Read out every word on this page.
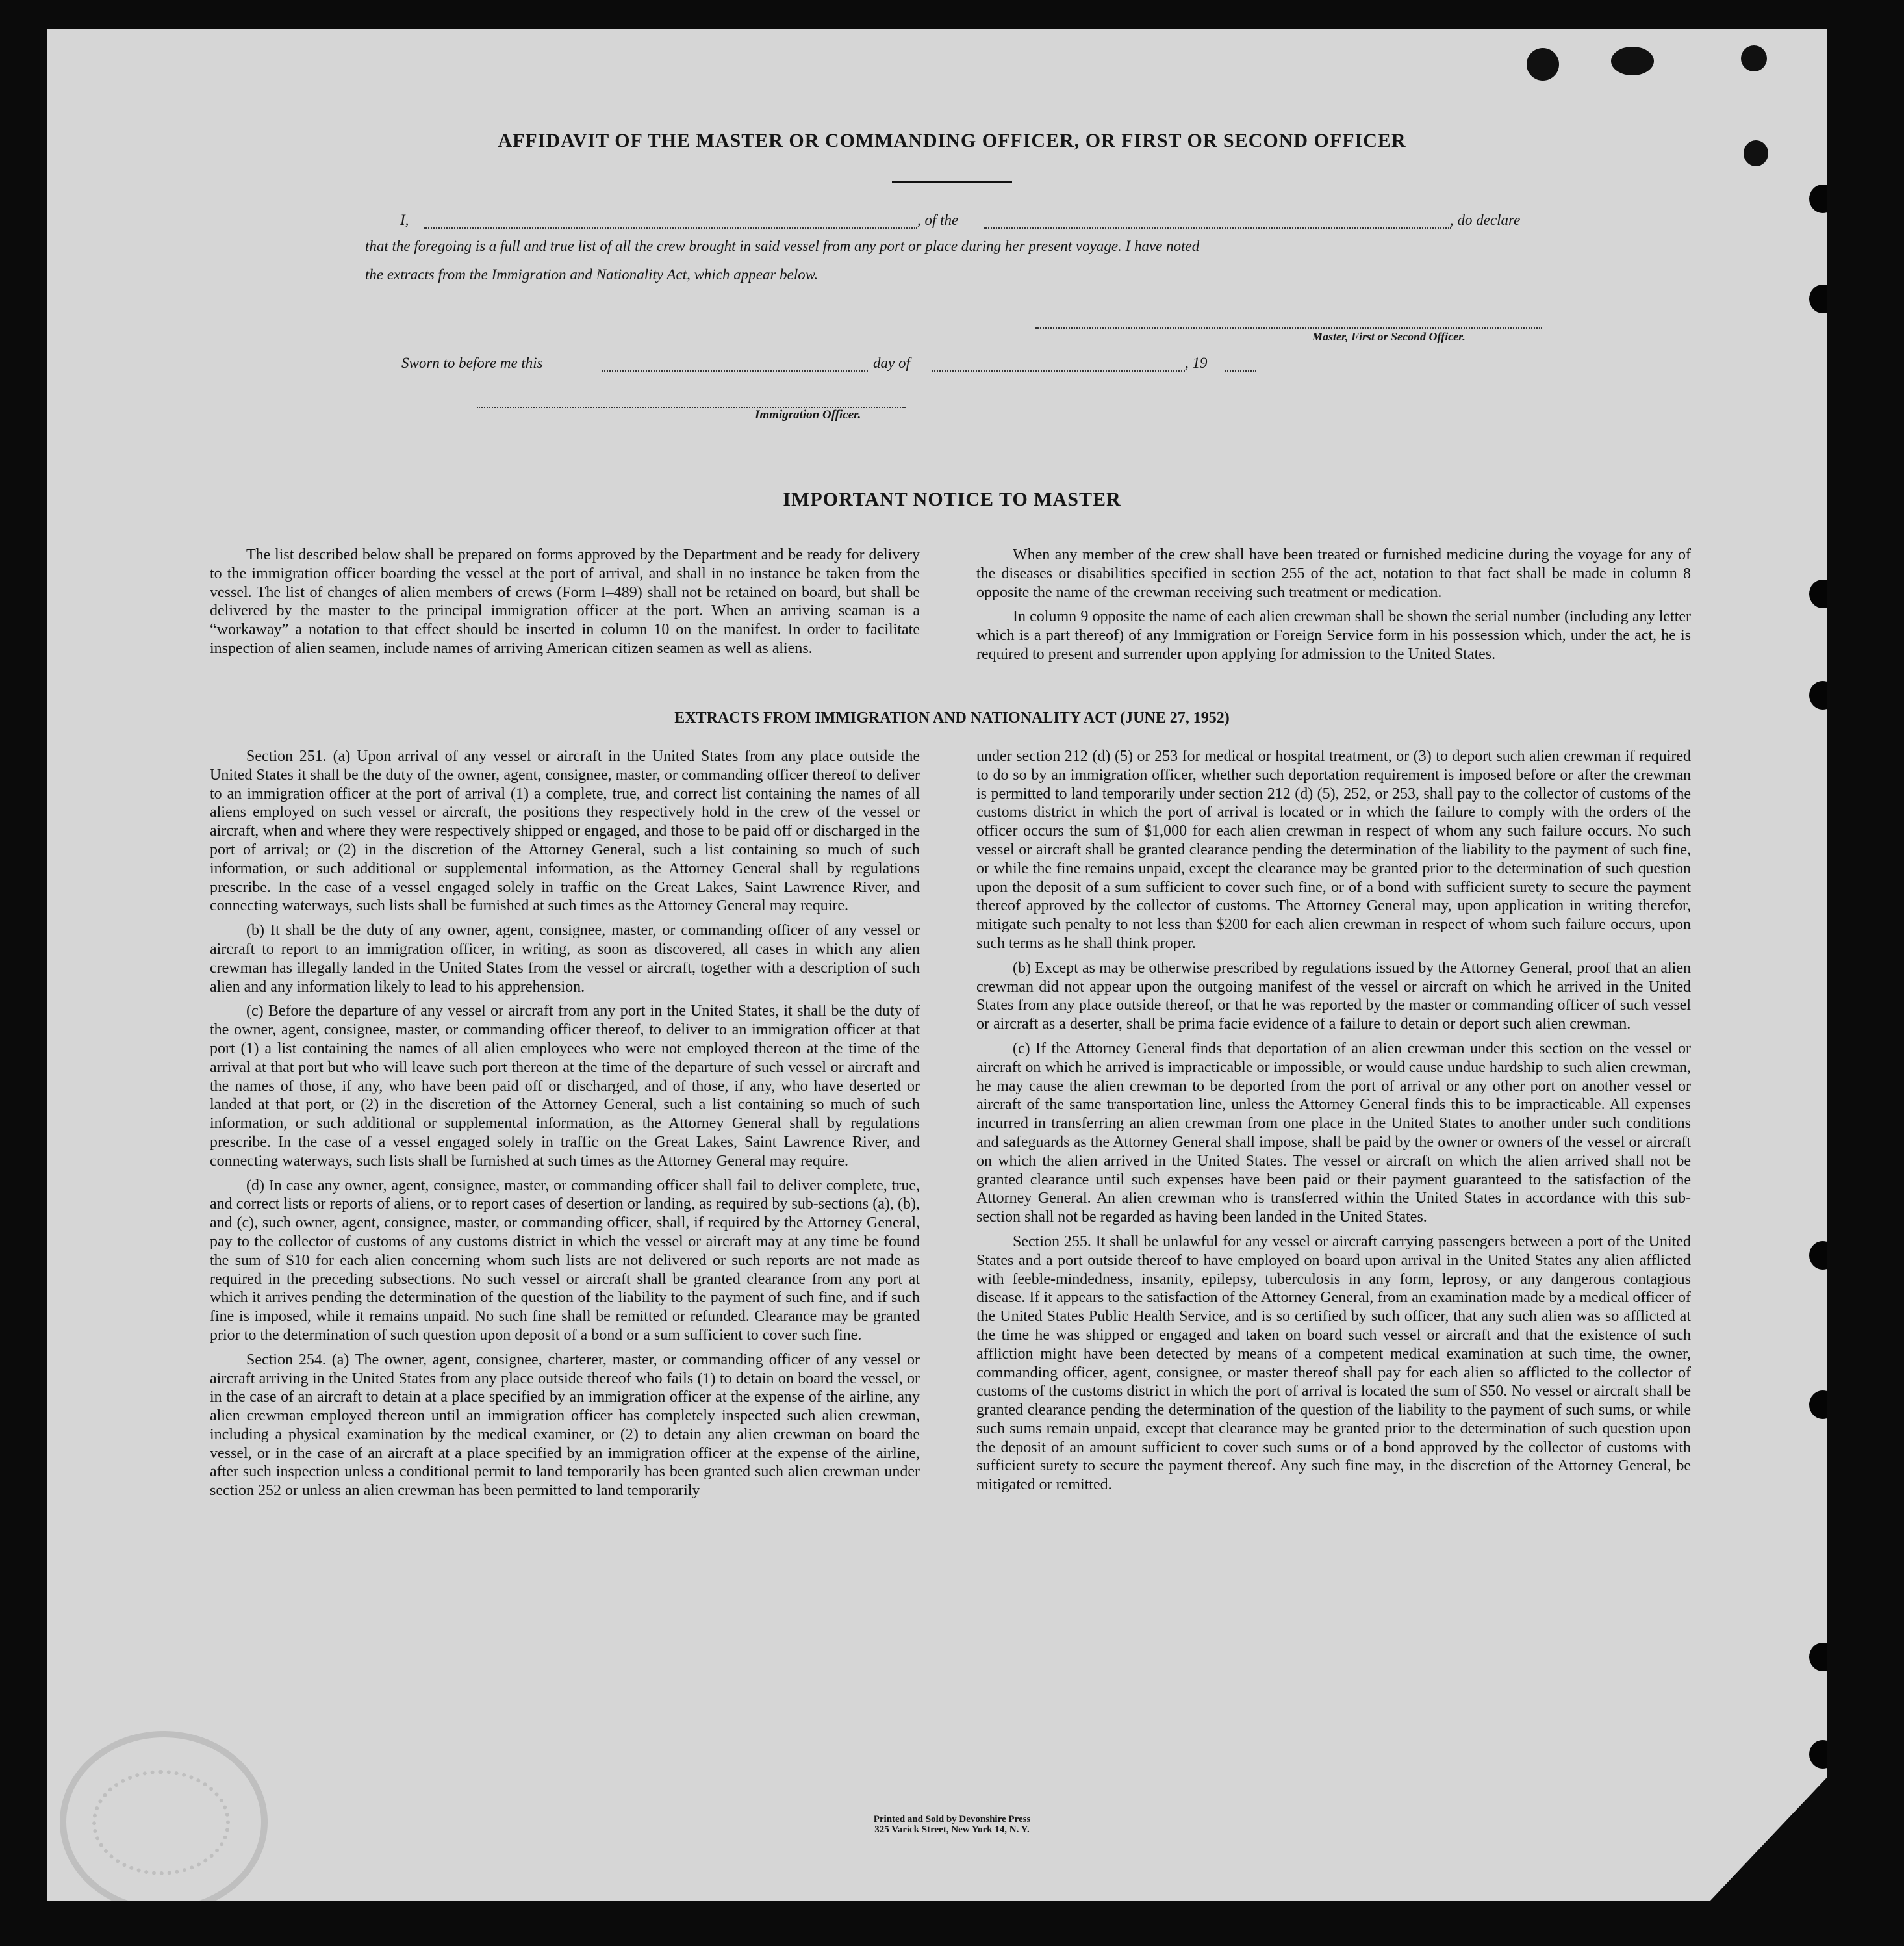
AFFIDAVIT OF THE MASTER OR COMMANDING OFFICER, OR FIRST OR SECOND OFFICER
I,	, of the	, do declare
that the foregoing is a full and true list of all the crew brought in said vessel from any port or place during her present voyage. I have noted
the extracts from the Immigration and Nationality Act, which appear below.
Master, First or Second Officer.
Sworn to before me this	day of	, 19
Immigration Officer.
IMPORTANT NOTICE TO MASTER

The list described below shall be prepared on forms approved by the Department and be ready for delivery to the immigration officer boarding the vessel at the port of arrival, and shall in no instance be taken from the vessel. The list of changes of alien members of crews (Form I–489) shall not be retained on board, but shall be delivered by the master to the principal immigration officer at the port. When an arriving seaman is a “workaway” a notation to that effect should be inserted in column 10 on the manifest. In order to facilitate inspection of alien seamen, include names of arriving American citizen seamen as well as aliens.

When any member of the crew shall have been treated or furnished medicine during the voyage for any of the diseases or disabilities specified in section 255 of the act, notation to that fact shall be made in column 8 opposite the name of the crewman receiving such treatment or medication.

In column 9 opposite the name of each alien crewman shall be shown the serial number (including any letter which is a part thereof) of any Immigration or Foreign Service form in his possession which, under the act, he is required to present and surrender upon applying for admission to the United States.

EXTRACTS FROM IMMIGRATION AND NATIONALITY ACT (JUNE 27, 1952)

Section 251. (a) Upon arrival of any vessel or aircraft in the United States from any place outside the United States it shall be the duty of the owner, agent, consignee, master, or commanding officer thereof to deliver to an immigration officer at the port of arrival (1) a complete, true, and correct list containing the names of all aliens employed on such vessel or aircraft, the positions they respectively hold in the crew of the vessel or aircraft, when and where they were respectively shipped or engaged, and those to be paid off or discharged in the port of arrival; or (2) in the discretion of the Attorney General, such a list containing so much of such information, or such additional or supplemental information, as the Attorney General shall by regulations prescribe. In the case of a vessel engaged solely in traffic on the Great Lakes, Saint Lawrence River, and connecting waterways, such lists shall be furnished at such times as the Attorney General may require.

(b) It shall be the duty of any owner, agent, consignee, master, or commanding officer of any vessel or aircraft to report to an immigration officer, in writing, as soon as discovered, all cases in which any alien crewman has illegally landed in the United States from the vessel or aircraft, together with a description of such alien and any information likely to lead to his apprehension.

(c) Before the departure of any vessel or aircraft from any port in the United States, it shall be the duty of the owner, agent, consignee, master, or commanding officer thereof, to deliver to an immigration officer at that port (1) a list containing the names of all alien employees who were not employed thereon at the time of the arrival at that port but who will leave such port thereon at the time of the departure of such vessel or aircraft and the names of those, if any, who have been paid off or discharged, and of those, if any, who have deserted or landed at that port, or (2) in the discretion of the Attorney General, such a list containing so much of such information, or such additional or supplemental information, as the Attorney General shall by regulations prescribe. In the case of a vessel engaged solely in traffic on the Great Lakes, Saint Lawrence River, and connecting waterways, such lists shall be furnished at such times as the Attorney General may require.

(d) In case any owner, agent, consignee, master, or commanding officer shall fail to deliver complete, true, and correct lists or reports of aliens, or to report cases of desertion or landing, as required by sub-sections (a), (b), and (c), such owner, agent, consignee, master, or commanding officer, shall, if required by the Attorney General, pay to the collector of customs of any customs district in which the vessel or aircraft may at any time be found the sum of $10 for each alien concerning whom such lists are not delivered or such reports are not made as required in the preceding subsections. No such vessel or aircraft shall be granted clearance from any port at which it arrives pending the determination of the question of the liability to the payment of such fine, and if such fine is imposed, while it remains unpaid. No such fine shall be remitted or refunded. Clearance may be granted prior to the determination of such question upon deposit of a bond or a sum sufficient to cover such fine.

Section 254. (a) The owner, agent, consignee, charterer, master, or commanding officer of any vessel or aircraft arriving in the United States from any place outside thereof who fails (1) to detain on board the vessel, or in the case of an aircraft to detain at a place specified by an immigration officer at the expense of the airline, any alien crewman employed thereon until an immigration officer has completely inspected such alien crewman, including a physical examination by the medical examiner, or (2) to detain any alien crewman on board the vessel, or in the case of an aircraft at a place specified by an immigration officer at the expense of the airline, after such inspection unless a conditional permit to land temporarily has been granted such alien crewman under section 252 or unless an alien crewman has been permitted to land temporarily

under section 212 (d) (5) or 253 for medical or hospital treatment, or (3) to deport such alien crewman if required to do so by an immigration officer, whether such deportation requirement is imposed before or after the crewman is permitted to land temporarily under section 212 (d) (5), 252, or 253, shall pay to the collector of customs of the customs district in which the port of arrival is located or in which the failure to comply with the orders of the officer occurs the sum of $1,000 for each alien crewman in respect of whom any such failure occurs. No such vessel or aircraft shall be granted clearance pending the determination of the liability to the payment of such fine, or while the fine remains unpaid, except the clearance may be granted prior to the determination of such question upon the deposit of a sum sufficient to cover such fine, or of a bond with sufficient surety to secure the payment thereof approved by the collector of customs. The Attorney General may, upon application in writing therefor, mitigate such penalty to not less than $200 for each alien crewman in respect of whom such failure occurs, upon such terms as he shall think proper.

(b) Except as may be otherwise prescribed by regulations issued by the Attorney General, proof that an alien crewman did not appear upon the outgoing manifest of the vessel or aircraft on which he arrived in the United States from any place outside thereof, or that he was reported by the master or commanding officer of such vessel or aircraft as a deserter, shall be prima facie evidence of a failure to detain or deport such alien crewman.

(c) If the Attorney General finds that deportation of an alien crewman under this section on the vessel or aircraft on which he arrived is impracticable or impossible, or would cause undue hardship to such alien crewman, he may cause the alien crewman to be deported from the port of arrival or any other port on another vessel or aircraft of the same transportation line, unless the Attorney General finds this to be impracticable. All expenses incurred in transferring an alien crewman from one place in the United States to another under such conditions and safeguards as the Attorney General shall impose, shall be paid by the owner or owners of the vessel or aircraft on which the alien arrived in the United States. The vessel or aircraft on which the alien arrived shall not be granted clearance until such expenses have been paid or their payment guaranteed to the satisfaction of the Attorney General. An alien crewman who is transferred within the United States in accordance with this sub-section shall not be regarded as having been landed in the United States.

Section 255. It shall be unlawful for any vessel or aircraft carrying passengers between a port of the United States and a port outside thereof to have employed on board upon arrival in the United States any alien afflicted with feeble-mindedness, insanity, epilepsy, tuberculosis in any form, leprosy, or any dangerous contagious disease. If it appears to the satisfaction of the Attorney General, from an examination made by a medical officer of the United States Public Health Service, and is so certified by such officer, that any such alien was so afflicted at the time he was shipped or engaged and taken on board such vessel or aircraft and that the existence of such affliction might have been detected by means of a competent medical examination at such time, the owner, commanding officer, agent, consignee, or master thereof shall pay for each alien so afflicted to the collector of customs of the customs district in which the port of arrival is located the sum of $50. No vessel or aircraft shall be granted clearance pending the determination of the question of the liability to the payment of such sums, or while such sums remain unpaid, except that clearance may be granted prior to the determination of such question upon the deposit of an amount sufficient to cover such sums or of a bond approved by the collector of customs with sufficient surety to secure the payment thereof. Any such fine may, in the discretion of the Attorney General, be mitigated or remitted.

Printed and Sold by Devonshire Press
325 Varick Street, New York 14, N. Y.
